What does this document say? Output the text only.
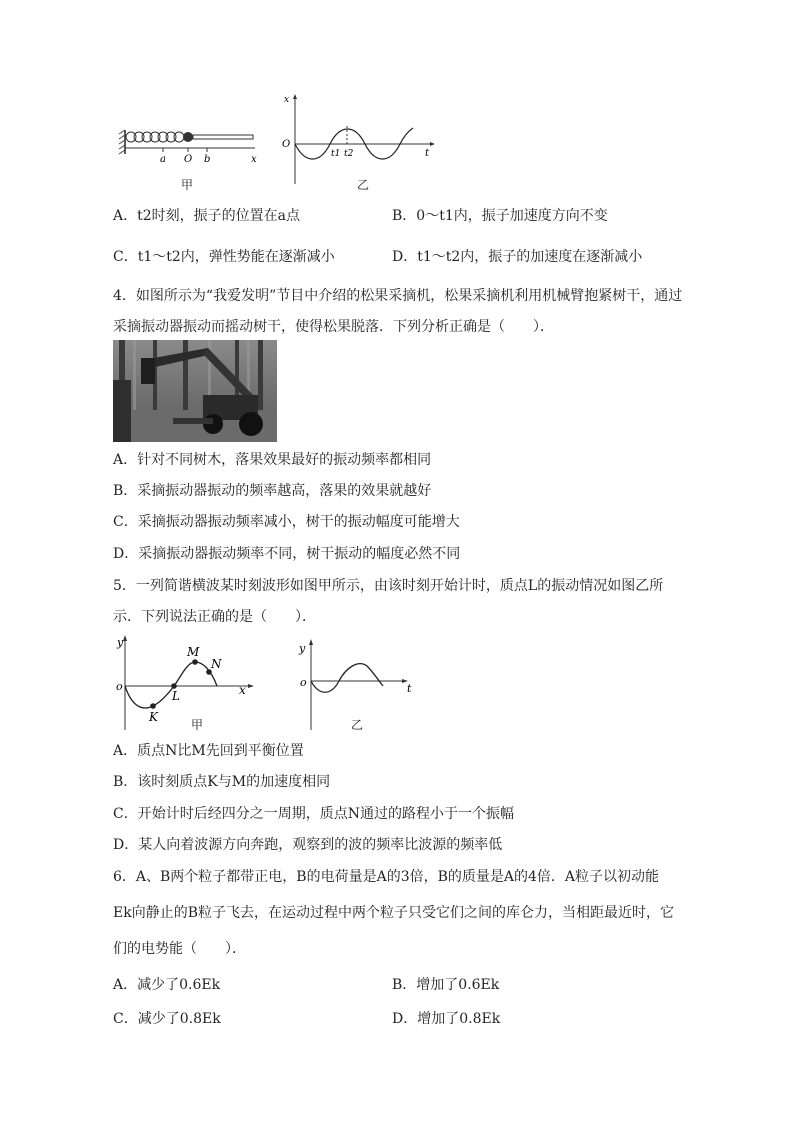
a O b	x
O
x
t
t1 t2
甲	乙
A．t2时刻，振子的位置在a点	B．0～t1内，振子加速度方向不变
C．t1～t2内，弹性势能在逐渐减小	D．t1～t2内，振子的加速度在逐渐减小
4．如图所示为“我爱发明”节目中介绍的松果采摘机，松果采摘机利用机械臂抱紧树干，通过
采摘振动器振动而摇动树干，使得松果脱落．下列分析正确是（　　）．
A．针对不同树木，落果效果最好的振动频率都相同
B．采摘振动器振动的频率越高，落果的效果就越好
C．采摘振动器振动频率减小，树干的振动幅度可能增大
D．采摘振动器振动频率不同，树干振动的幅度必然不同
5．一列简谐横波某时刻波形如图甲所示，由该时刻开始计时，质点L的振动情况如图乙所
示．下列说法正确的是（　　）．
y
o	x
M
N
L
K
y
o	t
甲	乙
A．质点N比M先回到平衡位置
B．该时刻质点K与M的加速度相同
C．开始计时后经四分之一周期，质点N通过的路程小于一个振幅
D．某人向着波源方向奔跑，观察到的波的频率比波源的频率低
6．A、B两个粒子都带正电，B的电荷量是A的3倍，B的质量是A的4倍．A粒子以初动能
Ek向静止的B粒子飞去，在运动过程中两个粒子只受它们之间的库仑力，当相距最近时，它
们的电势能（　　）．
A．减少了0.6Ek	B．增加了0.6Ek
C．减少了0.8Ek	D．增加了0.8Ek
